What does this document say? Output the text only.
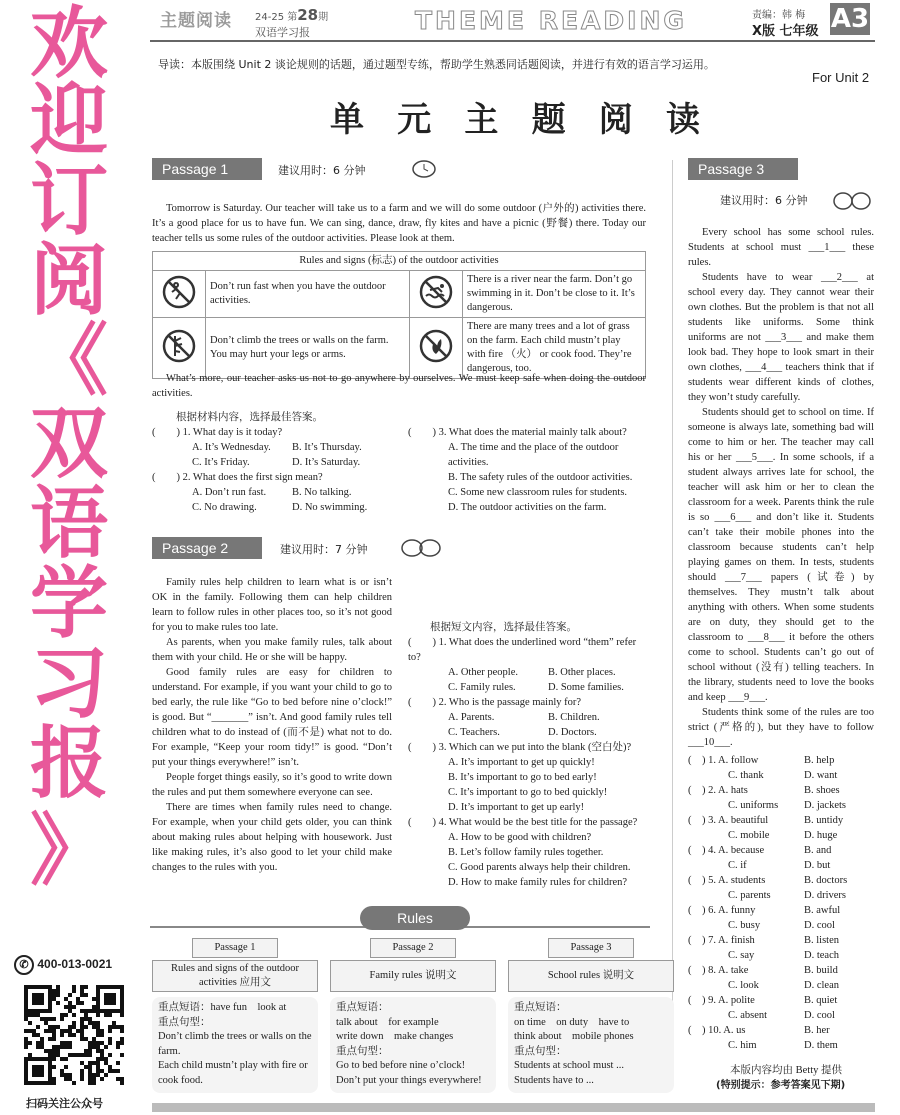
欢
迎
订
阅
《
双
语
学
习
报
》
✆ 400-013-0021
扫码关注公众号
主题阅读 24-25 第28期
双语学习报	THEME READING	责编：韩 梅
X版 七年级 A3
导读：本版围绕 Unit 2 谈论规则的话题，通过题型专练，帮助学生熟悉同话题阅读，并进行有效的语言学习运用。
For Unit 2
单 元 主 题 阅 读
Passage 1	建议用时：6 分钟

Tomorrow is Saturday. Our teacher will take us to a farm and we will do some outdoor (户外的) activities there. It’s a good place for us to have fun. We can sing, dance, draw, fly kites and have a picnic (野餐) there. Today our teacher tells us some rules of the outdoor activities. Please look at them.

Rules and signs (标志) of the outdoor activities			
	Don’t run fast when you have the outdoor activities.		There is a river near the farm. Don’t go swimming in it. Don’t be close to it. It’s dangerous.
	Don’t climb the trees or walls on the farm. You may hurt your legs or arms.		There are many trees and a lot of grass on the farm. Each child mustn’t play with fire （火） or cook food. They’re dangerous, too.

What’s more, our teacher asks us not to go anywhere by ourselves. We must keep safe when doing the outdoor activities.

根据材料内容，选择最佳答案。
(　　) 1. What day is it today?
A. It’s Wednesday. B. It’s Thursday.
C. It’s Friday.	D. It’s Saturday.
(　　) 2. What does the first sign mean?
A. Don’t run fast. B. No talking.
C. No drawing.	D. No swimming.
(　　) 3. What does the material mainly talk about?
A. The time and the place of the outdoor activities.
B. The safety rules of the outdoor activities.
C. Some new classroom rules for students.
D. The outdoor activities on the farm.
Passage 2	建议用时：7 分钟

Family rules help children to learn what is or isn’t OK in the family. Following them can help children learn to follow rules in other places too, so it’s not good for you to make rules too late.

As parents, when you make family rules, talk about them with your child. He or she will be happy.

Good family rules are easy for children to understand. For example, if you want your child to go to bed early, the rule like “Go to bed before nine o’clock!” is good. But “_______” isn’t. And good family rules tell children what to do instead of (而不是) what not to do. For example, “Keep your room tidy!” is good. “Don’t put your things everywhere!” isn’t.

People forget things easily, so it’s good to write down the rules and put them somewhere everyone can see.

There are times when family rules need to change. For example, when your child gets older, you can think about making rules about helping with housework. Just like making rules, it’s also good to let your child make changes to the rules with you.

根据短文内容，选择最佳答案。
(　　) 1. What does the underlined word “them” refer to?
A. Other people.	B. Other places.
C. Family rules.	D. Some families.
(　　) 2. Who is the passage mainly for?
A. Parents.	B. Children.
C. Teachers.	D. Doctors.
(　　) 3. Which can we put into the blank (空白处)?
A. It’s important to get up quickly!
B. It’s important to go to bed early!
C. It’s important to go to bed quickly!
D. It’s important to get up early!
(　　) 4. What would be the best title for the passage?
A. How to be good with children?
B. Let’s follow family rules together.
C. Good parents always help their children.
D. How to make family rules for children?
Passage 3
建议用时：6 分钟

Every school has some school rules. Students at school must ___1___ these rules.

Students have to wear ___2___ at school every day. They cannot wear their own clothes. But the problem is that not all students like uniforms. Some think uniforms are not ___3___ and make them look bad. They hope to look smart in their own clothes, ___4___ teachers think that if students wear different kinds of clothes, they won’t study carefully.

Students should get to school on time. If someone is always late, something bad will come to him or her. The teacher may call his or her ___5___. In some schools, if a student always arrives late for school, the teacher will ask him or her to clean the classroom for a week. Parents think the rule is so ___6___ and don’t like it. Students can’t take their mobile phones into the classroom because students can’t help playing games on them. In tests, students should ___7___ papers (试卷) by themselves. They mustn’t talk about anything with others. When some students are on duty, they should get to the classroom to ___8___ it before the others come to school. Students can’t go out of school without (没有) telling teachers. In the library, students need to love the books and keep ___9___.

Students think some of the rules are too strict (严格的), but they have to follow ___10___.

(　) 1. A. follow	B. help
C. thank	D. want
(　) 2. A. hats	B. shoes
C. uniforms D. jackets
(　) 3. A. beautiful	B. untidy
C. mobile	D. huge
(　) 4. A. because	B. and
C. if	D. but
(　) 5. A. students	B. doctors
C. parents	D. drivers
(　) 6. A. funny	B. awful
C. busy	D. cool
(　) 7. A. finish	B. listen
C. say	D. teach
(　) 8. A. take	B. build
C. look	D. clean
(　) 9. A. polite	B. quiet
C. absent	D. cool
(　) 10. A. us	B. her
C. him	D. them
本版内容均由 Betty 提供
(特别提示：参考答案见下期)
Rules
Passage 1
Rules and signs of the outdoor activities 应用文
重点短语：have fun　look at
重点句型：
Don’t climb the trees or walls on the farm.
Each child mustn’t play with fire or cook food.
Passage 2
Family rules 说明文
重点短语：
talk about　for example
write down　make changes
重点句型：
Go to bed before nine o’clock!
Don’t put your things everywhere!
Passage 3
School rules 说明文
重点短语：
on time　on duty　have to
think about　mobile phones
重点句型：
Students at school must ...
Students have to ...
